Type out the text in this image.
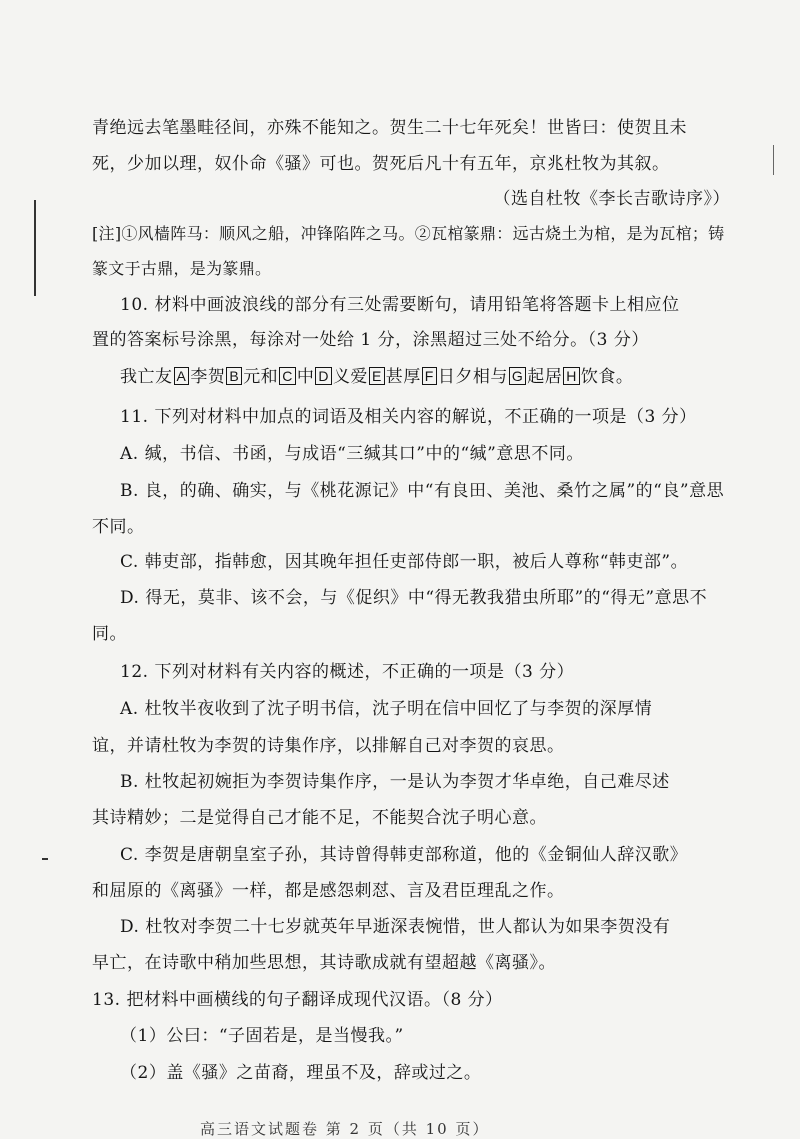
青绝远去笔墨畦径间，亦殊不能知之。贺生二十七年死矣！世皆曰：使贺且未
死，少加以理，奴仆命《骚》可也。贺死后凡十有五年，京兆杜牧为其叙。
（选自杜牧《李长吉歌诗序》）
[注]①风樯阵马：顺风之船，冲锋陷阵之马。②瓦棺篆鼎：远古烧土为棺，是为瓦棺；铸
篆文于古鼎，是为篆鼎。
10. 材料中画波浪线的部分有三处需要断句，请用铅笔将答题卡上相应位
置的答案标号涂黑，每涂对一处给 1 分，涂黑超过三处不给分。（3 分）
我亡友 A 李贺 B 元和 C 中 D 义爱 E 甚厚 F 日夕相与 G 起居 H 饮食。
11. 下列对材料中加点的词语及相关内容的解说，不正确的一项是（3 分）
A. 缄，书信、书函，与成语“三缄其口”中的“缄”意思不同。
B. 良，的确、确实，与《桃花源记》中“有良田、美池、桑竹之属”的“良”意思
不同。
C. 韩吏部，指韩愈，因其晚年担任吏部侍郎一职，被后人尊称“韩吏部”。
D. 得无，莫非、该不会，与《促织》中“得无教我猎虫所耶”的“得无”意思不
同。
12. 下列对材料有关内容的概述，不正确的一项是（3 分）
A. 杜牧半夜收到了沈子明书信，沈子明在信中回忆了与李贺的深厚情
谊，并请杜牧为李贺的诗集作序，以排解自己对李贺的哀思。
B. 杜牧起初婉拒为李贺诗集作序，一是认为李贺才华卓绝，自己难尽述
其诗精妙；二是觉得自己才能不足，不能契合沈子明心意。
C. 李贺是唐朝皇室子孙，其诗曾得韩吏部称道，他的《金铜仙人辞汉歌》
和屈原的《离骚》一样，都是感怨刺怼、言及君臣理乱之作。
D. 杜牧对李贺二十七岁就英年早逝深表惋惜，世人都认为如果李贺没有
早亡，在诗歌中稍加些思想，其诗歌成就有望超越《离骚》。
13. 把材料中画横线的句子翻译成现代汉语。（8 分）
（1）公曰：“子固若是，是当慢我。”
（2）盖《骚》之苗裔，理虽不及，辞或过之。
高三语文试题卷 第 2 页（共 10 页）
